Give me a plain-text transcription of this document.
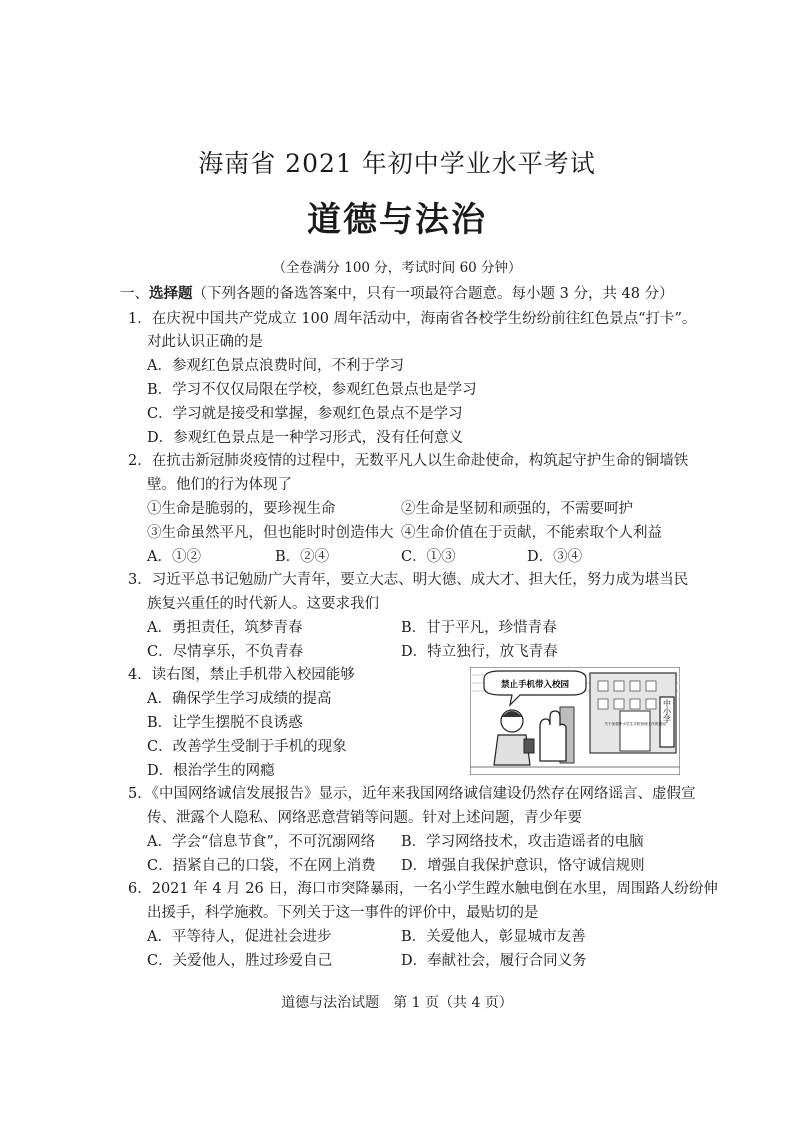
海南省 2021 年初中学业水平考试
道德与法治
（全卷满分 100 分，考试时间 60 分钟）
一、选择题（下列各题的备选答案中，只有一项最符合题意。每小题 3 分，共 48 分）
1．在庆祝中国共产党成立 100 周年活动中，海南省各校学生纷纷前往红色景点“打卡”。
对此认识正确的是
A．参观红色景点浪费时间，不利于学习
B．学习不仅仅局限在学校，参观红色景点也是学习
C．学习就是接受和掌握，参观红色景点不是学习
D．参观红色景点是一种学习形式，没有任何意义
2．在抗击新冠肺炎疫情的过程中，无数平凡人以生命赴使命，构筑起守护生命的铜墙铁
壁。他们的行为体现了
①生命是脆弱的，要珍视生命	②生命是坚韧和顽强的，不需要呵护
③生命虽然平凡，但也能时时创造伟大 ④生命价值在于贡献，不能索取个人利益
A．①②	B．②④	C．①③	D．③④
3．习近平总书记勉励广大青年，要立大志、明大德、成大才、担大任，努力成为堪当民
族复兴重任的时代新人。这要求我们
A．勇担责任，筑梦青春	B．甘于平凡，珍惜青春
C．尽情享乐，不负青春	D．特立独行，放飞青春
4．读右图，禁止手机带入校园能够
A．确保学生学习成绩的提高
B．让学生摆脱不良诱惑
C．改善学生受制于手机的现象
D．根治学生的网瘾
禁止手机带入校园
中小学
关于加强中小学生手机管理工作的通知
5．《中国网络诚信发展报告》显示，近年来我国网络诚信建设仍然存在网络谣言、虚假宣
传、泄露个人隐私、网络恶意营销等问题。针对上述问题，青少年要
A．学会“信息节食”，不可沉溺网络 B．学习网络技术，攻击造谣者的电脑
C．捂紧自己的口袋，不在网上消费 D．增强自我保护意识，恪守诚信规则
6．2021 年 4 月 26 日，海口市突降暴雨，一名小学生蹚水触电倒在水里，周围路人纷纷伸
出援手，科学施救。下列关于这一事件的评价中，最贴切的是
A．平等待人，促进社会进步	B．关爱他人，彰显城市友善
C．关爱他人，胜过珍爱自己	D．奉献社会，履行合同义务
道德与法治试题　第 1 页（共 4 页）
